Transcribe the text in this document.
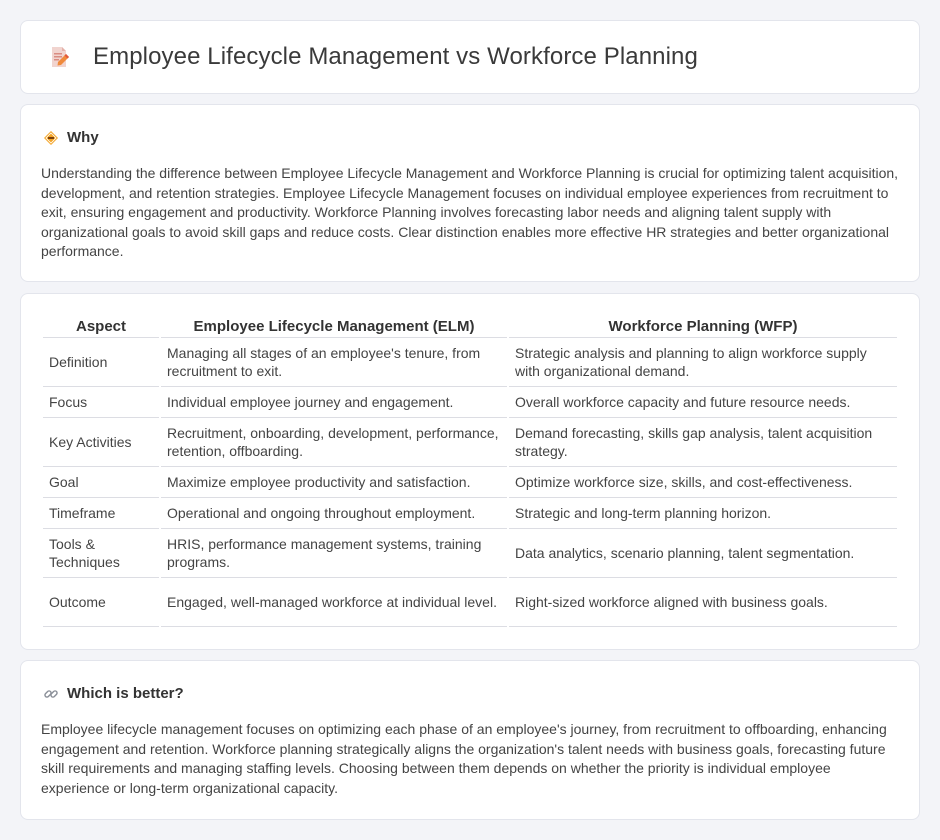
Employee Lifecycle Management vs Workforce Planning
Why

Understanding the difference between Employee Lifecycle Management and Workforce Planning is crucial for optimizing talent acquisition, development, and retention strategies. Employee Lifecycle Management focuses on individual employee experiences from recruitment to exit, ensuring engagement and productivity. Workforce Planning involves forecasting labor needs and aligning talent supply with organizational goals to avoid skill gaps and reduce costs. Clear distinction enables more effective HR strategies and better organizational performance.

Aspect	Employee Lifecycle Management (ELM)	Workforce Planning (WFP)
Definition	Managing all stages of an employee's tenure, from recruitment to exit.	Strategic analysis and planning to align workforce supply with organizational demand.
Focus	Individual employee journey and engagement.	Overall workforce capacity and future resource needs.
Key Activities	Recruitment, onboarding, development, performance, retention, offboarding.	Demand forecasting, skills gap analysis, talent acquisition strategy.
Goal	Maximize employee productivity and satisfaction.	Optimize workforce size, skills, and cost-effectiveness.
Timeframe	Operational and ongoing throughout employment.	Strategic and long-term planning horizon.
Tools & Techniques	HRIS, performance management systems, training programs.	Data analytics, scenario planning, talent segmentation.
Outcome	Engaged, well-managed workforce at individual level.	Right-sized workforce aligned with business goals.
Which is better?

Employee lifecycle management focuses on optimizing each phase of an employee's journey, from recruitment to offboarding, enhancing engagement and retention. Workforce planning strategically aligns the organization's talent needs with business goals, forecasting future skill requirements and managing staffing levels. Choosing between them depends on whether the priority is individual employee experience or long-term organizational capacity.
